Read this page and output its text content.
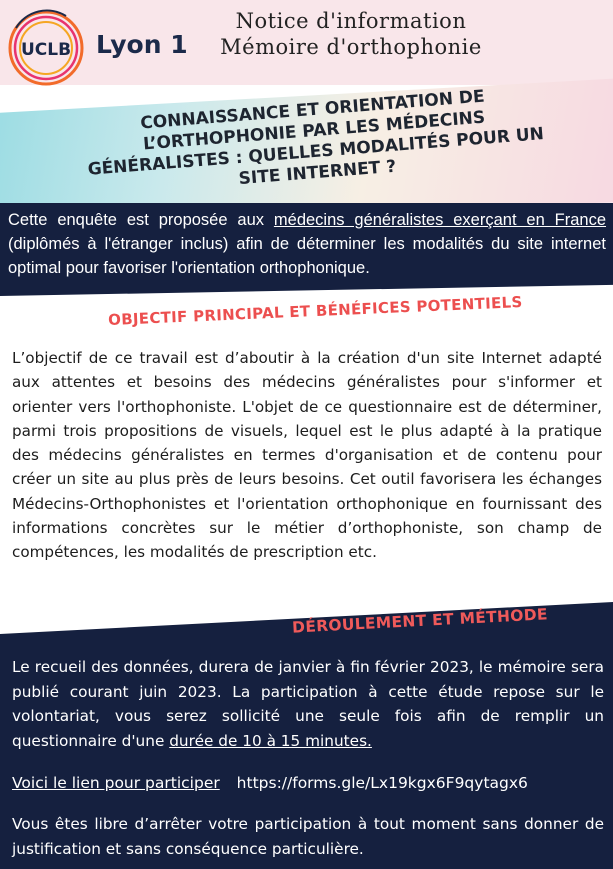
UCLB Lyon 1
Notice d'information
Mémoire d'orthophonie
CONNAISSANCE ET ORIENTATION DE L’ORTHOPHONIE PAR LES MÉDECINS GÉNÉRALISTES : QUELLES MODALITÉS POUR UN SITE INTERNET ?
Cette enquête est proposée aux médecins généralistes exerçant en France (diplômés à l'étranger inclus) afin de déterminer les modalités du site internet optimal pour favoriser l'orientation orthophonique.
OBJECTIF PRINCIPAL ET BÉNÉFICES POTENTIELS
L’objectif de ce travail est d’aboutir à la création d'un site Internet adapté aux attentes et besoins des médecins généralistes pour s'informer et orienter vers l'orthophoniste. L'objet de ce questionnaire est de déterminer, parmi trois propositions de visuels, lequel est le plus adapté à la pratique des médecins généralistes en termes d'organisation et de contenu pour créer un site au plus près de leurs besoins. Cet outil favorisera les échanges Médecins-Orthophonistes et l'orientation orthophonique en fournissant des informations concrètes sur le métier d’orthophoniste, son champ de compétences, les modalités de prescription etc.
DÉROULEMENT ET MÉTHODE
Le recueil des données, durera de janvier à fin février 2023, le mémoire sera publié courant juin 2023. La participation à cette étude repose sur le volontariat, vous serez sollicité une seule fois afin de remplir un questionnaire d'une durée de 10 à 15 minutes.
Voici le lien pour participer https://forms.gle/Lx19kgx6F9qytagx6
Vous êtes libre d’arrêter votre participation à tout moment sans donner de justification et sans conséquence particulière.
